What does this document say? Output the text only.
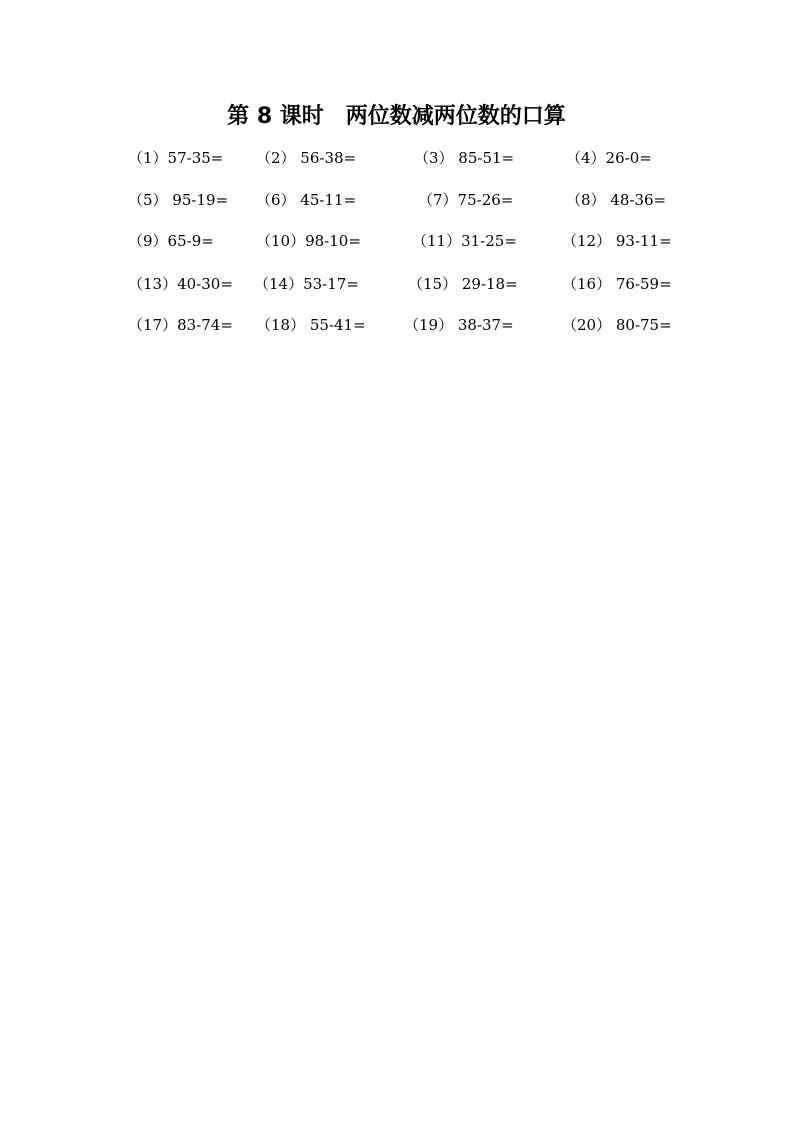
第 8 课时　两位数减两位数的口算
（1）57-35= （2） 56-38=	（3） 85-51=	（4）26-0=
（5） 95-19= （6） 45-11=	（7）75-26=	（8） 48-36=
（9）65-9=	（10）98-10=	（11）31-25=	（12） 93-11=
（13）40-30= （14）53-17=	（15） 29-18=	（16） 76-59=
（17）83-74= （18） 55-41=	（19） 38-37=	（20） 80-75=
